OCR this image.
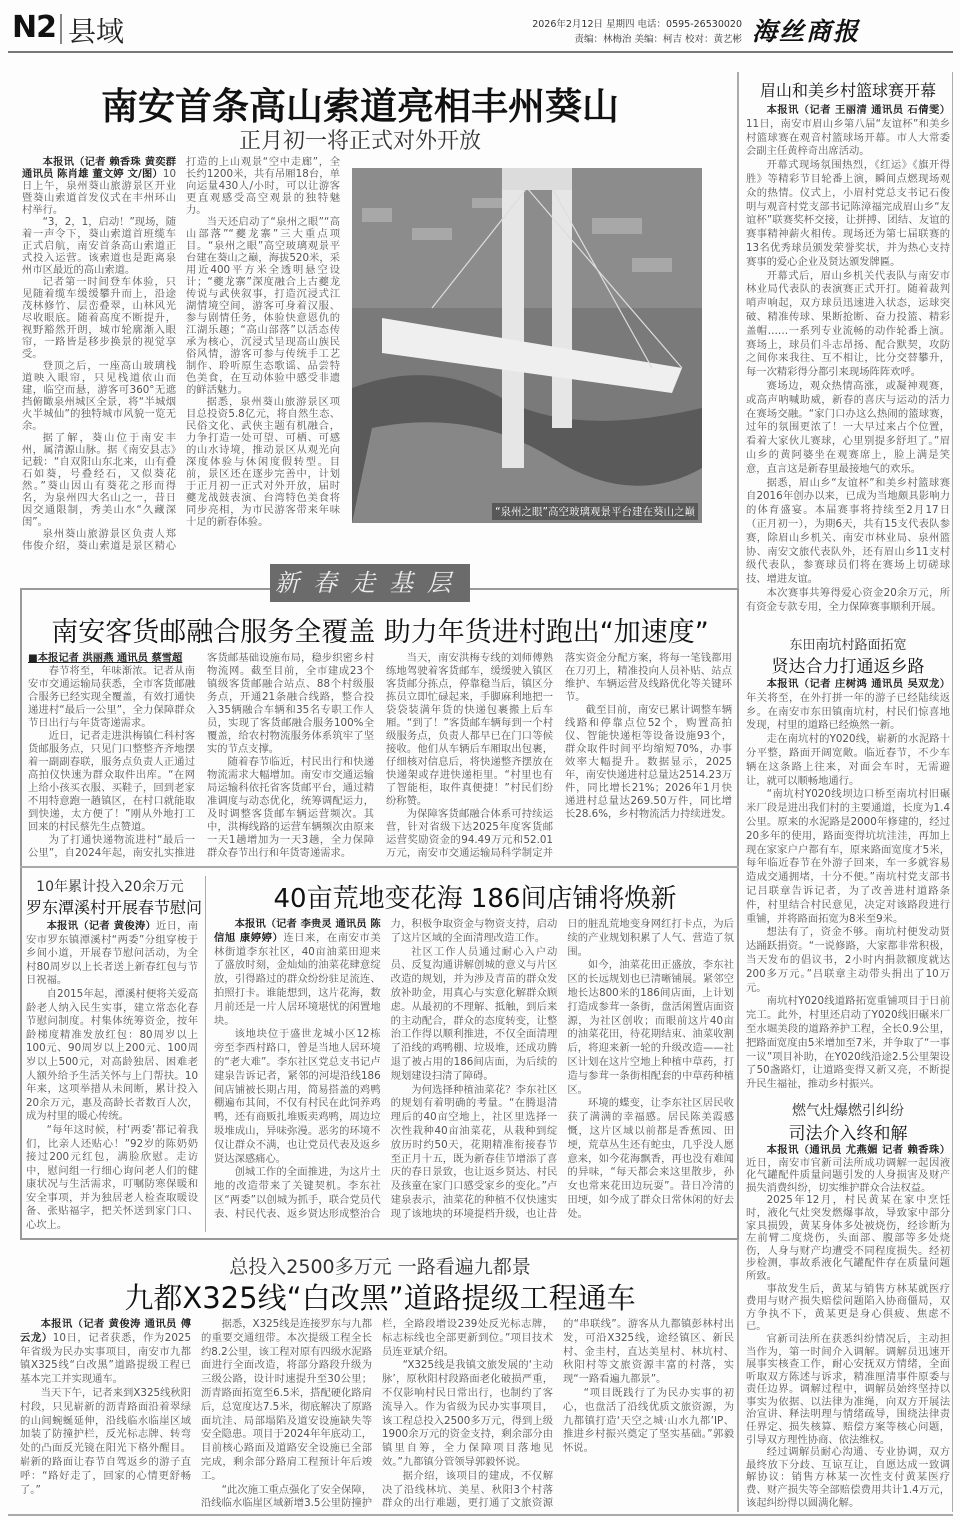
N2 县域	2026年2月12日 星期四 电话：0595-26530020
责编：林梅治 美编：柯吉 校对：黄艺彬 海丝商报
南安首条高山索道亮相丰州葵山
正月初一将正式对外开放

本报讯（记者 赖香珠 黄奕群 通讯员 陈肖雄 董文婷 文/图）10日上午，泉州葵山旅游景区开业暨葵山索道首发仪式在丰州环山村举行。

“3，2，1，启动！”现场，随着一声令下，葵山索道首班缆车正式启航，南安首条高山索道正式投入运营。该索道也是距离泉州市区最近的高山索道。

记者第一时间登车体验，只见随着缆车缓缓攀升而上，沿途茂林修竹、层峦叠翠，山林风光尽收眼底。随着高度不断提升，视野豁然开朗，城市轮廓渐入眼帘，一路皆是移步换景的视觉享受。

登顶之后，一座高山玻璃栈道映入眼帘，只见栈道依山而建，临空而悬，游客可360°无遮挡俯瞰泉州城区全景，将“半城烟火半城仙”的独特城市风貌一览无余。

据了解，葵山位于南安丰州，属清源山脉。据《南安县志》记载：“自双阳山东北来，山有叠石如葵，号叠经石，又似葵花然。”葵山因山有葵花之形而得名，为泉州四大名山之一，昔日因交通限制，秀美山水“久藏深闺”。

泉州葵山旅游景区负责人郑伟俊介绍，葵山索道是景区精心打造的上山观景“空中走廊”，全长约1200米，共有吊厢18台，单向运量430人/小时，可以让游客更直观感受高空观景的独特魅力。

当天还启动了“泉州之眼”“高山部落”“夔龙寨”三大重点项目。“泉州之眼”高空玻璃观景平台建在葵山之巅，海拔520米，采用近400平方米全透明悬空设计；“夔龙寨”深度融合上古夔龙传说与武侠叙事，打造沉浸式江湖情境空间，游客可身着汉服、参与剧情任务，体验快意恩仇的江湖乐趣；“高山部落”以活态传承为核心，沉浸式呈现高山族民俗风情，游客可参与传统手工艺制作、聆听原生态歌谣、品尝特色美食，在互动体验中感受非遗的鲜活魅力。

据悉，泉州葵山旅游景区项目总投资5.8亿元，将自然生态、民俗文化、武侠主题有机融合，力争打造一处可望、可栖、可感的山水诗境，推动景区从观光向深度体验与休闲度假转型。目前，景区还在逐步完善中，计划于正月初一正式对外开放，届时夔龙战鼓表演、台湾特色美食将同步亮相，为市民游客带来年味十足的新春体验。

“泉州之眼”高空玻璃观景平台建在葵山之巅
新春走基层
南安客货邮融合服务全覆盖 助力年货进村跑出“加速度”

■本报记者 洪丽燕 通讯员 蔡雪超

春节将至，年味渐浓。记者从南安市交通运输局获悉，全市客货邮融合服务已经实现全覆盖，有效打通快递进村“最后一公里”，全力保障群众节日出行与年货寄递需求。

近日，记者走进洪梅镇仁科村客货邮服务点，只见门口整整齐齐地摆着一副副春联，服务点负责人正通过高拍仪快速为群众取件出库。“在网上给小孩买衣服、买鞋子，回到老家不用特意跑一趟镇区，在村口就能取到快递，太方便了！”刚从外地打工回来的村民蔡先生点赞道。

为了打通快递物流进村“最后一公里”，自2024年起，南安扎实推进客货邮基础设施布局，稳步织密乡村物流网。截至目前，全市建成23个镇级客货邮融合站点、88个村级服务点，开通21条融合线路，整合投入35辆融合车辆和35名专职工作人员，实现了客货邮融合服务100%全覆盖，给农村物流服务体系筑牢了坚实的节点支撑。

随着春节临近，村民出行和快递物流需求大幅增加。南安市交通运输局运输科依托省客货邮平台，通过精准调度与动态优化，统筹调配运力，及时调整客货邮车辆运营频次。其中，洪梅线路的运营车辆频次由原来一天1趟增加为一天3趟，全力保障群众春节出行和年货寄递需求。

当天，南安洪梅专线的刘师傅熟练地驾驶着客货邮车，缓缓驶入镇区客货邮分拣点，停靠稳当后，镇区分拣员立即忙碌起来，手脚麻利地把一袋袋装满年货的快递包裹搬上后车厢。“到了！”客货邮车辆每到一个村级服务点，负责人都早已在门口等候接收。他们从车辆后车厢取出包裹，仔细核对信息后，将快递整齐摆放在快递架或存进快递柜里。“村里也有了智能柜，取件真便捷！”村民们纷纷称赞。

为保障客货邮融合体系可持续运营，针对省级下达2025年度客货邮运营奖励资金的94.49万元和52.01万元，南安市交通运输局科学制定并落实资金分配方案，将每一笔钱都用在刀刃上，精准投向人员补贴、站点维护、车辆运营及线路优化等关键环节。

截至目前，南安已累计调整车辆线路和停靠点位52个，购置高拍仪、智能快递柜等设备设施93个，群众取件时间平均缩短70%，办事效率大幅提升。数据显示，2025年，南安快递进村总量达2514.23万件，同比增长21%；2026年1月快递进村总量达269.50万件，同比增长28.6%，乡村物流活力持续迸发。

10年累计投入20余万元
罗东潭溪村开展春节慰问

本报讯（记者 黄俊涛）近日，南安市罗东镇潭溪村“两委”分组穿梭于乡间小道，开展春节慰问活动，为全村80周岁以上长者送上新春红包与节日祝福。

自2015年起，潭溪村便将关爱高龄老人纳入民生实事，建立常态化春节慰问制度。村集体统筹资金，按年龄梯度精准发放红包：80周岁以上100元、90周岁以上200元、100周岁以上500元，对高龄独居、困难老人额外给予生活关怀与上门帮扶。10年来，这项举措从未间断，累计投入20余万元，惠及高龄长者数百人次，成为村里的暖心传统。

“每年这时候，村‘两委’都记着我们，比亲人还贴心！”92岁的陈奶奶接过200元红包，满脸欣慰。走访中，慰问组一行细心询问老人们的健康状况与生活需求，叮嘱防寒保暖和安全事项，并为独居老人检查取暖设备、张贴福字，把关怀送到家门口、心坎上。

40亩荒地变花海 186间店铺将焕新

本报讯（记者 李贵灵 通讯员 陈信旭 康婷婷）连日来，在南安市美林街道李东社区，40亩油菜田迎来了盛放时刻，金灿灿的油菜花肆意绽放，引得路过的群众纷纷驻足流连、拍照打卡。谁能想到，这片花海，数月前还是一片人居环境堪忧的闲置地块。

该地块位于盛世龙城小区12栋旁至李西村路口，曾是当地人居环境的“老大难”。李东社区党总支书记卢建泉告诉记者，紧邻的河堤沿线186间店铺被长期占用，简易搭盖的鸡鸭棚遍布其间，不仅有村民在此饲养鸡鸭，还有商贩扎堆贩卖鸡鸭，周边垃圾堆成山，异味弥漫。恶劣的环境不仅让群众不满，也让党员代表及返乡贤达深感痛心。

创城工作的全面推进，为这片土地的改造带来了关键契机。李东社区“两委”以创城为抓手，联合党员代表、村民代表、返乡贤达形成整治合力，积极争取资金与物资支持，启动了这片区域的全面清理改造工作。

社区工作人员通过耐心入户动员、反复沟通讲解创城的意义与片区改造的规划，并为涉及青苗的群众发放补助金，用真心与实意化解群众顾虑。从最初的不理解、抵触，到后来的主动配合，群众的态度转变，让整治工作得以顺利推进，不仅全面清理了沿线的鸡鸭棚、垃圾堆，还成功腾退了被占用的186间店面，为后续的规划建设扫清了障碍。

为何选择种植油菜花？李东社区的规划有着明确的考量。“在腾退清理后的40亩空地上，社区里选择一次性栽种40亩油菜花，从栽种到绽放历时约50天，花期精准衔接春节至正月十五，既为新春佳节增添了喜庆的春日景致，也让返乡贤达、村民及孩童在家门口感受家乡的变化。”卢建泉表示，油菜花的种植不仅快速实现了该地块的环境提档升级，也让昔日的脏乱荒地变身网红打卡点，为后续的产业规划积累了人气、营造了氛围。

如今，油菜花田正盛放，李东社区的长远规划也已清晰铺展。紧邻空地长达800米的186间店面，上计划打造成参茸一条街，盘活闲置店面资源，为社区创收；而眼前这片40亩的油菜花田，待花期结束、油菜收割后，将迎来新一轮的升级改造——社区计划在这片空地上种植中草药，打造与参茸一条街相配套的中草药种植区。

环境的蝶变，让李东社区居民收获了满满的幸福感。居民陈美霞感慨，这片区域以前都是香蕉园、田埂，荒草丛生还有蛇虫，几乎没人愿意来，如今花海飘香，再也没有难闻的异味，“每天都会来这里散步，孙女也常来花田边玩耍”。昔日冷清的田埂，如今成了群众日常休闲的好去处。

总投入2500多万元 一路看遍九都景
九都X325线“白改黑”道路提级工程通车

本报讯（记者 黄俊涛 通讯员 傅云龙）10日，记者获悉，作为2025年省级为民办实事项目，南安市九都镇X325线“白改黑”道路提级工程已基本完工并实现通车。

当天下午，记者来到X325线秋阳村段，只见崭新的沥青路面沿着翠绿的山间蜿蜒延伸，沿线临水临崖区域加装了防撞护栏，反光标志牌、转弯处的凸面反光镜在阳光下格外醒目。崭新的路面让春节自驾返乡的游子直呼：“路好走了，回家的心情更舒畅了。”

据悉，X325线是连接罗东与九都的重要交通纽带。本次提级工程全长约8.2公里，该工程对原有四级水泥路面进行全面改造，将部分路段升级为三级公路，设计时速提升至30公里；沥青路面拓宽至6.5米，搭配硬化路肩后，总宽度达7.5米，彻底解决了原路面坑洼、局部塌陷及道安设施缺失等安全隐患。项目于2024年年底动工，目前核心路面及道路安全设施已全部完成，剩余部分路肩工程预计年后竣工。

“此次施工重点强化了安全保障，沿线临水临崖区域新增3.5公里防撞护栏，全路段增设239处反光标志牌，标志标线也全部更新到位。”项目技术员连亚斌介绍。

“X325线是我镇文旅发展的‘主动脉’，原秋阳村段路面老化破损严重，不仅影响村民日常出行，也制约了客流导入。作为省级为民办实事项目，该工程总投入2500多万元，得到上级1900余万元的资金支持，剩余部分由镇里自筹，全力保障项目落地见效。”九都镇分管领导郭毅怀说。

据介绍，该项目的建成，不仅解决了沿线林坑、美星、秋阳3个村落群众的出行难题，更打通了文旅资源的“串联线”。游客从九都镇彭林村出发，可沿X325线，途经镇区、新民村、金圭村，直达美星村、林坑村、秋阳村等文旅资源丰富的村落，实现“一路看遍九都景”。

“项目既践行了为民办实事的初心，也盘活了沿线优质文旅资源，为九都镇打造‘天空之城·山水九都’IP、推进乡村振兴奠定了坚实基础。”郭毅怀说。

眉山和美乡村篮球赛开幕

本报讯（记者 王丽清 通讯员 石倩雯）11日，南安市眉山乡第八届“友谊杯”和美乡村篮球赛在观音村篮球场开幕。市人大常委会副主任黄梓奇出席活动。

开幕式现场氛围热烈，《红运》《旗开得胜》等精彩节目轮番上演，瞬间点燃现场观众的热情。仪式上，小眉村党总支书记石俊明与观音村党支部书记陈漳福完成眉山乡“友谊杯”联赛奖杯交接，让拼搏、团结、友谊的赛事精神薪火相传。现场还为第七届联赛的13名优秀球员颁发荣誉奖状，并为热心支持赛事的爱心企业及贤达颁发牌匾。

开幕式后，眉山乡机关代表队与南安市林业局代表队的表演赛正式开打。随着裁判哨声响起，双方球员迅速进入状态，运球突破、精准传球、果断抢断、奋力投篮、精彩盖帽……一系列专业流畅的动作轮番上演。赛场上，球员们斗志昂扬、配合默契，攻防之间你来我往、互不相让，比分交替攀升，每一次精彩得分都引来现场阵阵欢呼。

赛场边，观众热情高涨，或凝神观赛，或高声呐喊助威，新春的喜庆与运动的活力在赛场交融。“家门口办这么热闹的篮球赛，过年的氛围更浓了！一大早过来占个位置，看着大家伙儿赛球，心里别提多舒坦了。”眉山乡的黄阿婆坐在观赛席上，脸上满是笑意，直言这是新春里最接地气的欢乐。

据悉，眉山乡“友谊杯”和美乡村篮球赛自2016年创办以来，已成为当地颇具影响力的体育盛宴。本届赛事将持续至2月17日（正月初一），为期6天，共有15支代表队参赛，除眉山乡机关、南安市林业局、泉州篮协、南安文旅代表队外，还有眉山乡11支村级代表队，参赛球员们将在赛场上切磋球技、增进友谊。

本次赛事共筹得爱心资金20余万元，所有资金专款专用，全力保障赛事顺利开展。

东田南坑村路面拓宽
贤达合力打通返乡路

本报讯（记者 庄树鸿 通讯员 吴双龙）年关将至，在外打拼一年的游子已经陆续返乡。在南安市东田镇南坑村，村民们惊喜地发现，村里的道路已经焕然一新。

走在南坑村的Y020线，崭新的水泥路十分平整，路面开阔宽敞。临近春节，不少车辆在这条路上往来，对面会车时，无需避让，就可以顺畅地通行。

“南坑村Y020线坝边口桥至南坑村旧碾米厂段是进出我们村的主要通道，长度为1.4公里。原来的水泥路是2000年修建的，经过20多年的使用，路面变得坑坑洼洼，再加上现在家家户户都有车，原来路面宽度才5米，每年临近春节在外游子回来，车一多就容易造成交通拥堵，十分不便。”南坑村党支部书记吕联章告诉记者，为了改善进村道路条件，村里结合村民意见，决定对该路段进行重铺，并将路面拓宽为8米至9米。

想法有了，资金不够。南坑村便发动贤达踊跃捐资。“一说修路，大家都非常积极，当天发布的倡议书，2小时内捐款额度就达200多万元。”吕联章主动带头捐出了10万元。

南坑村Y020线道路拓宽重铺项目于日前完工。此外，村里还启动了Y020线旧碾米厂至水堀美段的道路养护工程，全长0.9公里，把路面宽度由5米增加至7米，并争取了“一事一议”项目补助，在Y020线沿途2.5公里架设了50盏路灯，让道路变得又新又亮，不断提升民生福祉，推动乡村振兴。

燃气灶爆燃引纠纷
司法介入终和解

本报讯（通讯员 尤燕媚 记者 赖香珠）近日，南安市官新司法所成功调解一起因液化气罐配件质量问题引发的人身损害及财产损失消费纠纷，切实维护群众合法权益。

2025年12月，村民黄某在家中烹饪时，液化气灶突发燃爆事故，导致家中部分家具损毁，黄某身体多处被烧伤，经诊断为左前臂二度烧伤，头面部、腹部等多处烧伤，人身与财产均遭受不同程度损失。经初步检测，事故系液化气罐配件存在质量问题所致。

事故发生后，黄某与销售方林某就医疗费用与财产损失赔偿问题陷入协商僵局，双方争执不下，黄某更是身心俱疲、焦虑不已。

官新司法所在获悉纠纷情况后，主动担当作为，第一时间介入调解。调解员迅速开展事实核查工作，耐心安抚双方情绪，全面听取双方陈述与诉求，精准厘清事件原委与责任边界。调解过程中，调解员始终坚持以事实为依据、以法律为准绳，向双方开展法治宣讲、释法明理与情绪疏导，围绕法律责任界定、损失核算、赔偿方案等核心问题，引导双方理性协商、依法维权。

经过调解员耐心沟通、专业协调，双方最终放下分歧、互谅互让，自愿达成一致调解协议：销售方林某一次性支付黄某医疗费、财产损失等全部赔偿费用共计1.4万元，该起纠纷得以圆满化解。
